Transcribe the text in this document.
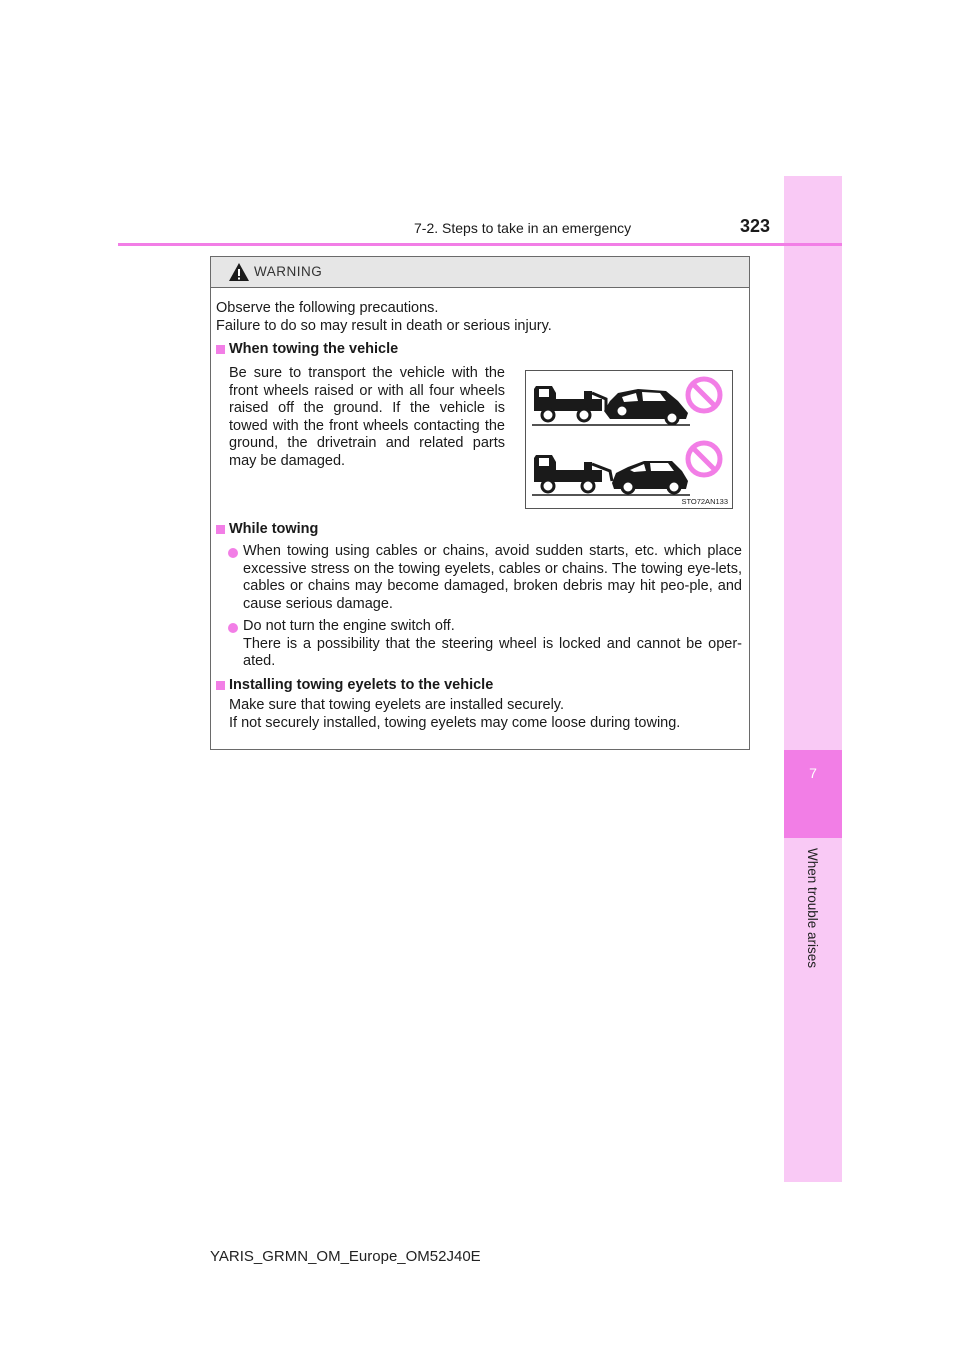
7
When trouble arises
7-2. Steps to take in an emergency	323
WARNING
Observe the following precautions.
Failure to do so may result in death or serious injury.
When towing the vehicle
Be sure to transport the vehicle with the front wheels raised or with all four wheels raised off the ground. If the vehicle is towed with the front wheels contacting the ground, the drivetrain and related parts may be damaged.
STO72AN133
While towing
When towing using cables or chains, avoid sudden starts, etc. which place excessive stress on the towing eyelets, cables or chains. The towing eye-lets, cables or chains may become damaged, broken debris may hit peo-ple, and cause serious damage.
Do not turn the engine switch off.
There is a possibility that the steering wheel is locked and cannot be oper-ated.
Installing towing eyelets to the vehicle
Make sure that towing eyelets are installed securely.
If not securely installed, towing eyelets may come loose during towing.
YARIS_GRMN_OM_Europe_OM52J40E
